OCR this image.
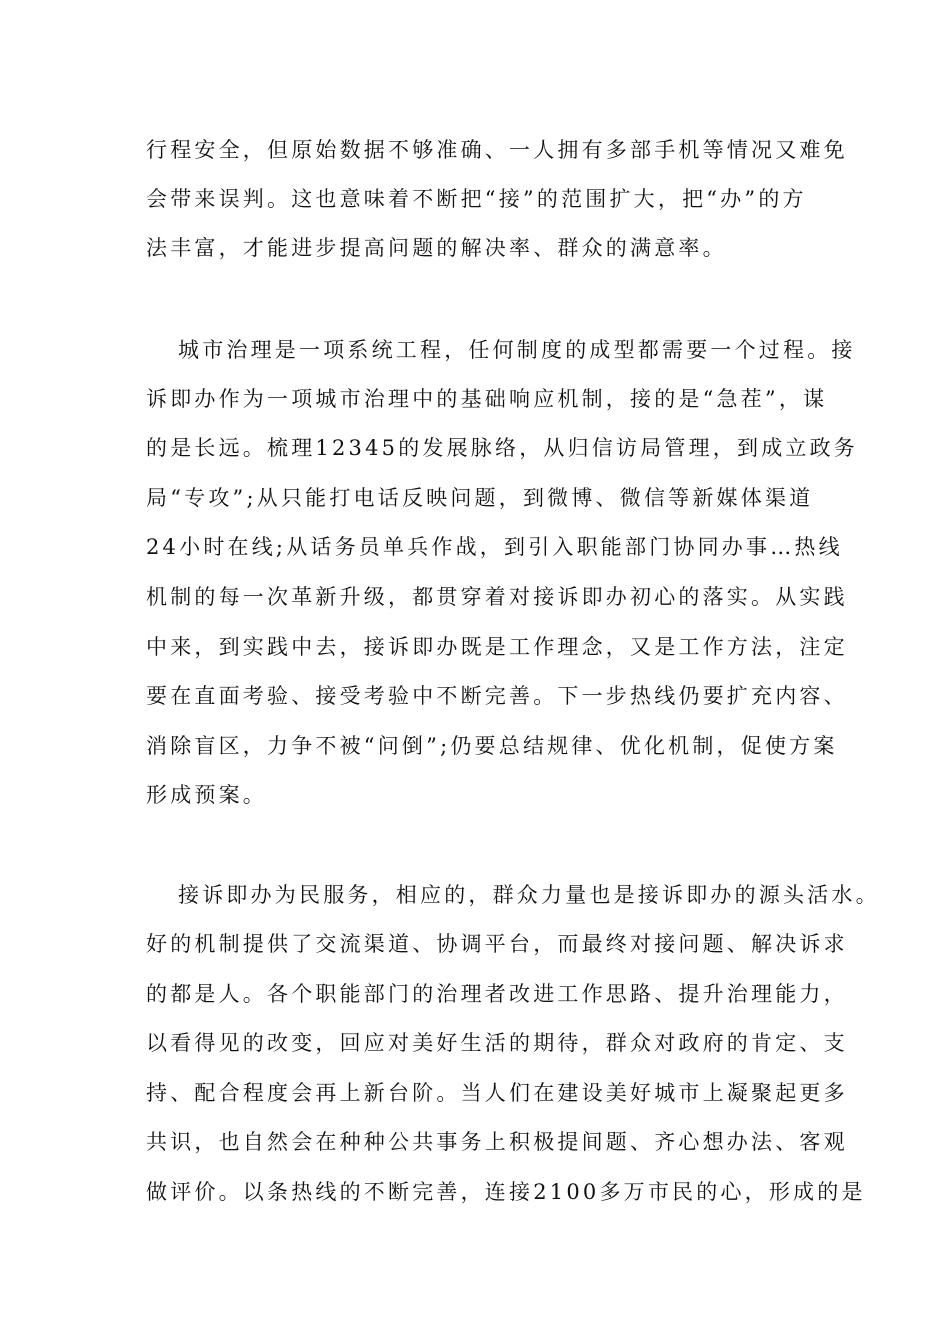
行程安全，但原始数据不够准确、一人拥有多部手机等情况又难免
会带来误判。这也意味着不断把“接”的范围扩大，把“办”的方
法丰富，才能进步提高问题的解决率、群众的满意率。
城市治理是一项系统工程，任何制度的成型都需要一个过程。接
诉即办作为一项城市治理中的基础响应机制，接的是“急茬”，谋
的是长远。梳理12345的发展脉络，从归信访局管理，到成立政务
局“专攻”;从只能打电话反映问题，到微博、微信等新媒体渠道
24小时在线;从话务员单兵作战，到引入职能部门协同办事…热线
机制的每一次革新升级，都贯穿着对接诉即办初心的落实。从实践
中来，到实践中去，接诉即办既是工作理念，又是工作方法，注定
要在直面考验、接受考验中不断完善。下一步热线仍要扩充内容、
消除盲区，力争不被“问倒”;仍要总结规律、优化机制，促使方案
形成预案。
接诉即办为民服务，相应的，群众力量也是接诉即办的源头活水。
好的机制提供了交流渠道、协调平台，而最终对接问题、解决诉求
的都是人。各个职能部门的治理者改进工作思路、提升治理能力，
以看得见的改变，回应对美好生活的期待，群众对政府的肯定、支
持、配合程度会再上新台阶。当人们在建设美好城市上凝聚起更多
共识，也自然会在种种公共事务上积极提间题、齐心想办法、客观
做评价。以条热线的不断完善，连接2100多万市民的心，形成的是
